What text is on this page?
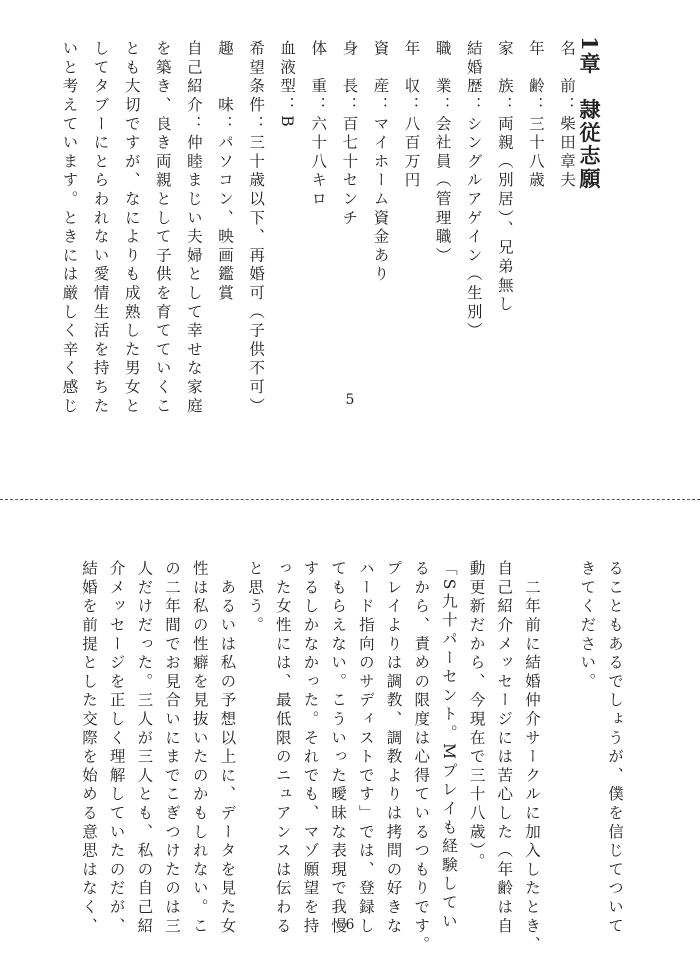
1章　隷従志願
名　前：柴田章夫
年　齢：三十八歳
家　族：両親（別居）、兄弟無し
結婚歴：シングルアゲイン（生別）
職　業：会社員（管理職）
年　収：八百万円
資　産：マイホーム資金あり
身　長：百七十センチ
体　重：六十八キロ
血液型：B
希望条件：三十歳以下、再婚可（子供不可）
趣　　味：パソコン、映画鑑賞
自己紹介：仲睦まじい夫婦として幸せな家庭
を築き、良き両親として子供を育てていくこ
とも大切ですが、なによりも成熟した男女と
してタブーにとらわれない愛情生活を持ちた
いと考えています。ときには厳しく辛く感じ	5
ることもあるでしょうが、僕を信じてついて
きてください。
　二年前に結婚仲介サークルに加入したとき、
自己紹介メッセージには苦心した（年齢は自
動更新だから、今現在で三十八歳）。
「S九十パーセント。Mプレイも経験してい
るから、責めの限度は心得ているつもりです。
プレイよりは調教、調教よりは拷問の好きな
ハード指向のサディストです」では、登録し
てもらえない。こういった曖昧な表現で我慢
するしかなかった。それでも、マゾ願望を持
った女性には、最低限のニュアンスは伝わる
と思う。
　あるいは私の予想以上に、データを見た女
性は私の性癖を見抜いたのかもしれない。こ
の二年間でお見合いにまでこぎつけたのは三
人だけだった。三人が三人とも、私の自己紹
介メッセージを正しく理解していたのだが、
結婚を前提とした交際を始める意思はなく、	6
